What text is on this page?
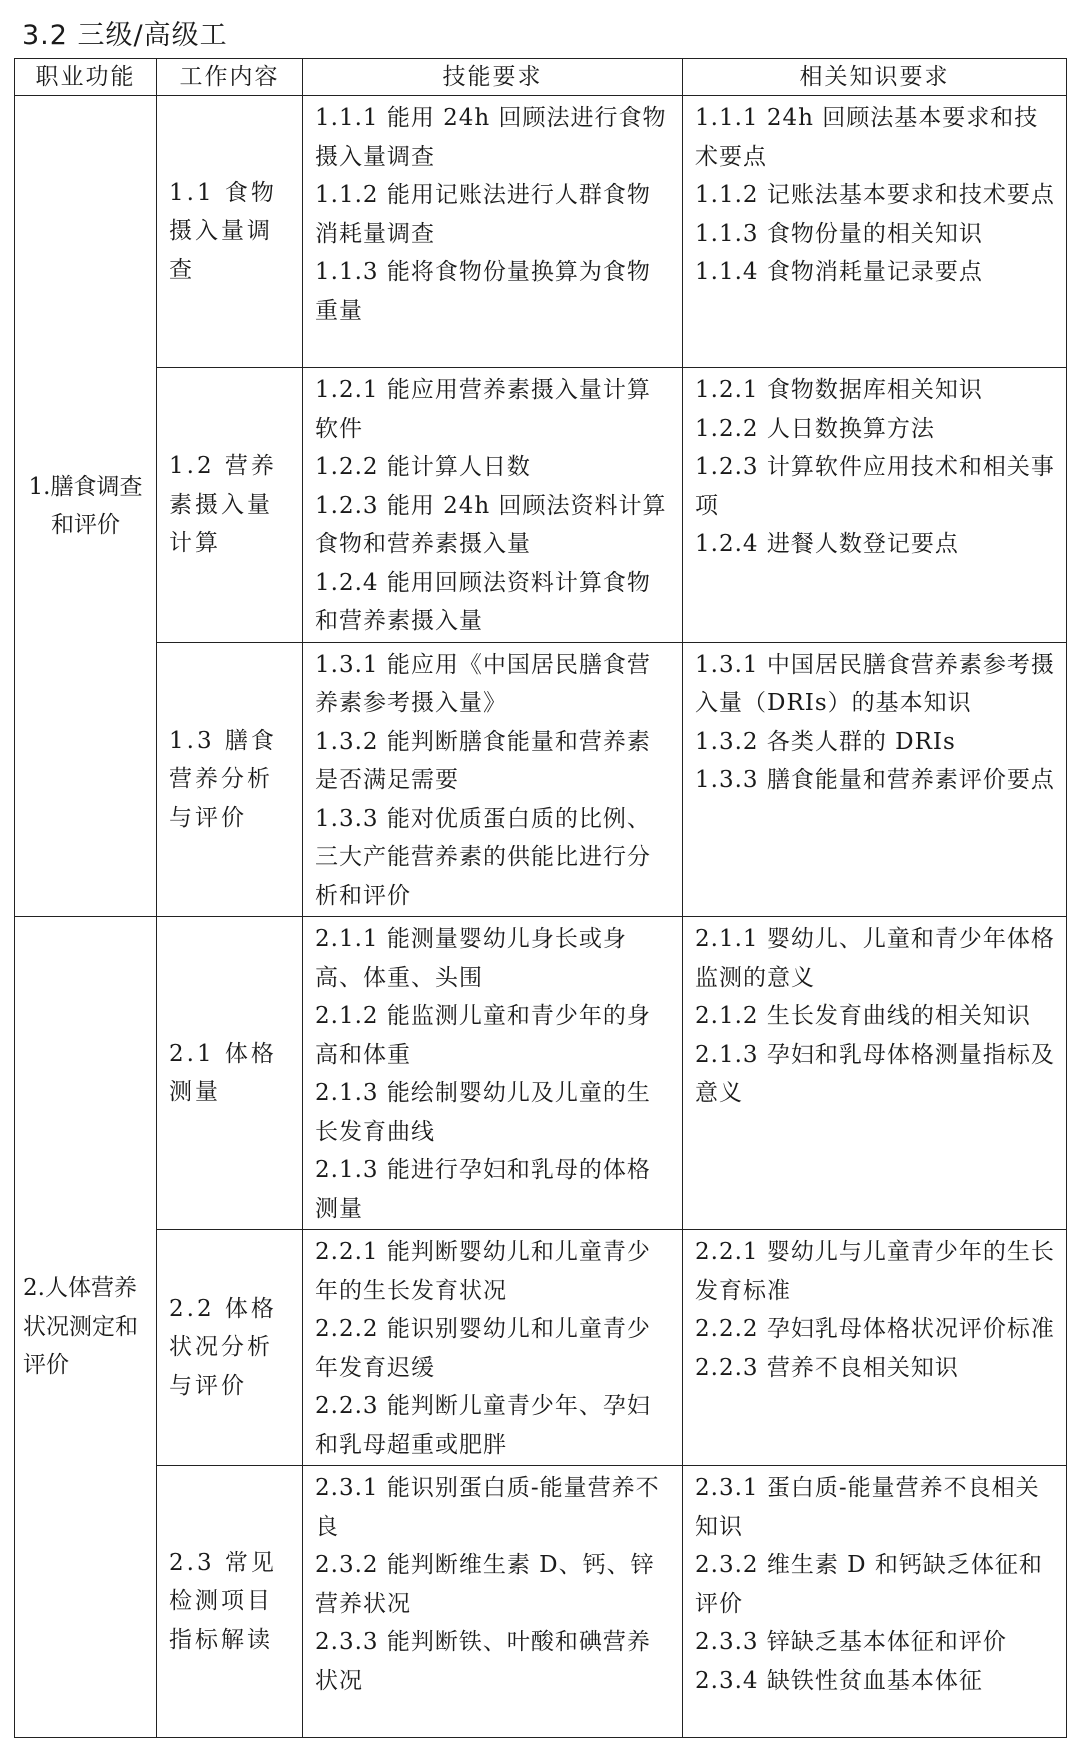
3.2 三级/高级工
职业功能	工作内容	技能要求	相关知识要求

1.膳食调查和评价	1.1 食物摄入量调查	1.1.1 能用 24h 回顾法进行食物摄入量调查
1.1.2 能用记账法进行人群食物消耗量调查
1.1.3 能将食物份量换算为食物重量	1.1.1 24h 回顾法基本要求和技术要点
1.1.2 记账法基本要求和技术要点
1.1.3 食物份量的相关知识
1.1.4 食物消耗量记录要点

	1.2 营养素摄入量计算	1.2.1 能应用营养素摄入量计算软件
1.2.2 能计算人日数
1.2.3 能用 24h 回顾法资料计算食物和营养素摄入量
1.2.4 能用回顾法资料计算食物和营养素摄入量	1.2.1 食物数据库相关知识
1.2.2 人日数换算方法
1.2.3 计算软件应用技术和相关事项
1.2.4 进餐人数登记要点

	1.3 膳食营养分析与评价	1.3.1 能应用《中国居民膳食营养素参考摄入量》
1.3.2 能判断膳食能量和营养素是否满足需要
1.3.3 能对优质蛋白质的比例、三大产能营养素的供能比进行分析和评价	1.3.1 中国居民膳食营养素参考摄入量（DRIs）的基本知识
1.3.2 各类人群的 DRIs
1.3.3 膳食能量和营养素评价要点

2.人体营养状况测定和评价	2.1 体格测量	2.1.1 能测量婴幼儿身长或身高、体重、头围
2.1.2 能监测儿童和青少年的身高和体重
2.1.3 能绘制婴幼儿及儿童的生长发育曲线
2.1.3 能进行孕妇和乳母的体格测量	2.1.1 婴幼儿、儿童和青少年体格监测的意义
2.1.2 生长发育曲线的相关知识
2.1.3 孕妇和乳母体格测量指标及意义

	2.2 体格状况分析与评价	2.2.1 能判断婴幼儿和儿童青少年的生长发育状况
2.2.2 能识别婴幼儿和儿童青少年发育迟缓
2.2.3 能判断儿童青少年、孕妇和乳母超重或肥胖	2.2.1 婴幼儿与儿童青少年的生长发育标准
2.2.2 孕妇乳母体格状况评价标准
2.2.3 营养不良相关知识

	2.3 常见检测项目指标解读	2.3.1 能识别蛋白质-能量营养不良
2.3.2 能判断维生素 D、钙、锌营养状况
2.3.3 能判断铁、叶酸和碘营养状况	2.3.1 蛋白质-能量营养不良相关知识
2.3.2 维生素 D 和钙缺乏体征和评价
2.3.3 锌缺乏基本体征和评价
2.3.4 缺铁性贫血基本体征
